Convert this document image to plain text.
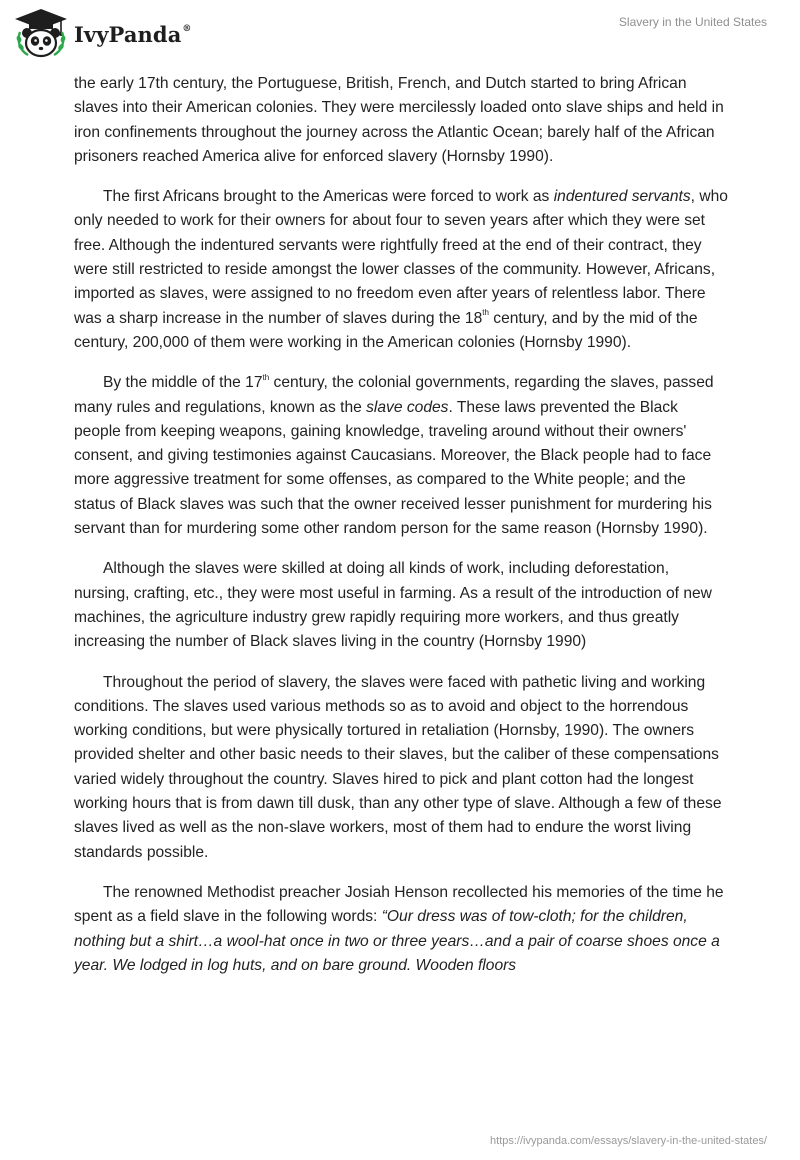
IvyPanda®	Slavery in the United States

the early 17th century, the Portuguese, British, French, and Dutch started to bring African slaves into their American colonies. They were mercilessly loaded onto slave ships and held in iron confinements throughout the journey across the Atlantic Ocean; barely half of the African prisoners reached America alive for enforced slavery (Hornsby 1990).

The first Africans brought to the Americas were forced to work as indentured servants, who only needed to work for their owners for about four to seven years after which they were set free. Although the indentured servants were rightfully freed at the end of their contract, they were still restricted to reside amongst the lower classes of the community. However, Africans, imported as slaves, were assigned to no freedom even after years of relentless labor. There was a sharp increase in the number of slaves during the 18th century, and by the mid of the century, 200,000 of them were working in the American colonies (Hornsby 1990).

By the middle of the 17th century, the colonial governments, regarding the slaves, passed many rules and regulations, known as the slave codes. These laws prevented the Black people from keeping weapons, gaining knowledge, traveling around without their owners' consent, and giving testimonies against Caucasians. Moreover, the Black people had to face more aggressive treatment for some offenses, as compared to the White people; and the status of Black slaves was such that the owner received lesser punishment for murdering his servant than for murdering some other random person for the same reason (Hornsby 1990).

Although the slaves were skilled at doing all kinds of work, including deforestation, nursing, crafting, etc., they were most useful in farming. As a result of the introduction of new machines, the agriculture industry grew rapidly requiring more workers, and thus greatly increasing the number of Black slaves living in the country (Hornsby 1990)

Throughout the period of slavery, the slaves were faced with pathetic living and working conditions. The slaves used various methods so as to avoid and object to the horrendous working conditions, but were physically tortured in retaliation (Hornsby, 1990). The owners provided shelter and other basic needs to their slaves, but the caliber of these compensations varied widely throughout the country. Slaves hired to pick and plant cotton had the longest working hours that is from dawn till dusk, than any other type of slave. Although a few of these slaves lived as well as the non-slave workers, most of them had to endure the worst living standards possible.

The renowned Methodist preacher Josiah Henson recollected his memories of the time he spent as a field slave in the following words: “Our dress was of tow-cloth; for the children, nothing but a shirt…a wool-hat once in two or three years…and a pair of coarse shoes once a year. We lodged in log huts, and on bare ground. Wooden floors

https://ivypanda.com/essays/slavery-in-the-united-states/
